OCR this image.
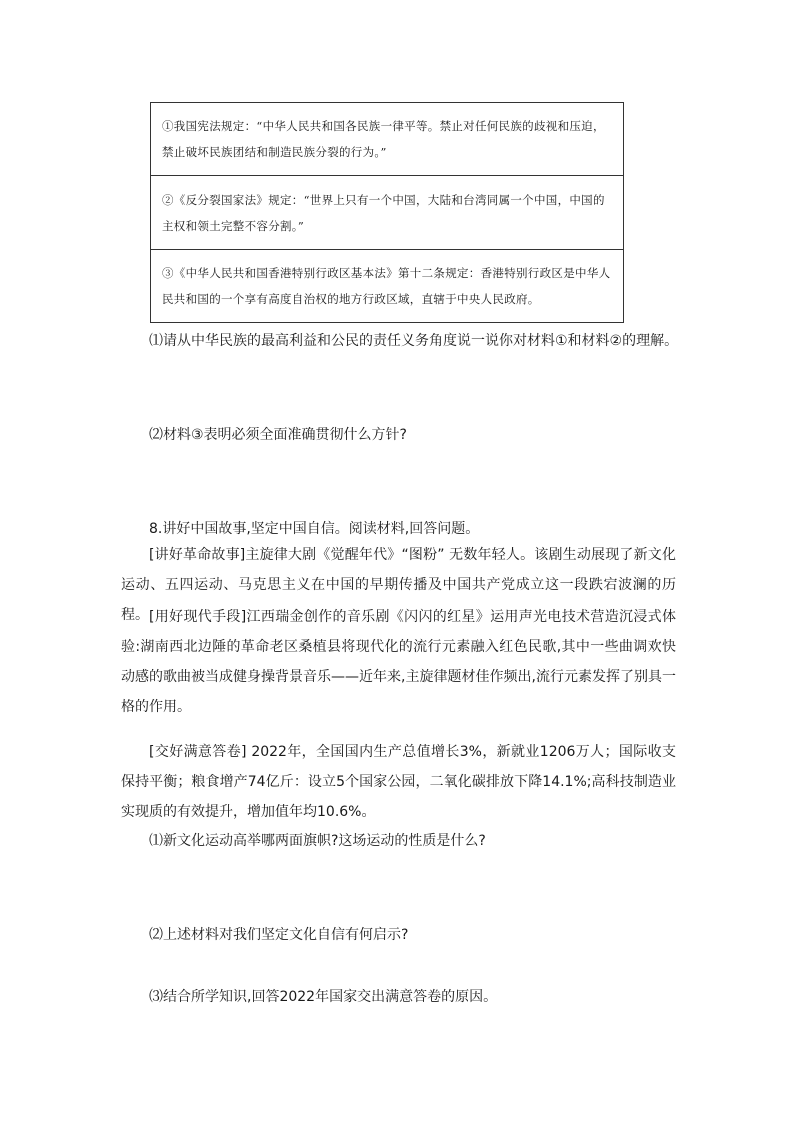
①我国宪法规定：“中华人民共和国各民族一律平等。禁止对任何民族的歧视和压迫，禁止破坏民族团结和制造民族分裂的行为。”
②《反分裂国家法》规定：“世界上只有一个中国，大陆和台湾同属一个中国，中国的主权和领土完整不容分割。”
③《中华人民共和国香港特别行政区基本法》第十二条规定：香港特别行政区是中华人民共和国的一个享有高度自治权的地方行政区域，直辖于中央人民政府。
⑴请从中华民族的最高利益和公民的责任义务角度说一说你对材料①和材料②的理解。
⑵材料③表明必须全面准确贯彻什么方针?
8.讲好中国故事,坚定中国自信。阅读材料,回答问题。
[讲好革命故事]主旋律大剧《觉醒年代》“图粉” 无数年轻人。该剧生动展现了新文化运动、五四运动、马克思主义在中国的早期传播及中国共产党成立这一段跌宕波澜的历程。 [用好现代手段]江西瑞金创作的音乐剧《闪闪的红星》运用声光电技术营造沉浸式体验:湖南西北边陲的革命老区桑植县将现代化的流行元素融入红色民歌,其中一些曲调欢快动感的歌曲被当成健身操背景音乐——近年来,主旋律题材佳作频出,流行元素发挥了别具一格的作用。
[交好满意答卷] 2022年，全国国内生产总值增长3%，新就业1206万人；国际收支保持平衡；粮食增产74亿斤：设立5个国家公园，二氧化碳排放下降14.1%;高科技制造业实现质的有效提升，增加值年均10.6%。
⑴新文化运动高举哪两面旗帜?这场运动的性质是什么?
⑵上述材料对我们坚定文化自信有何启示?
⑶结合所学知识,回答2022年国家交出满意答卷的原因。
